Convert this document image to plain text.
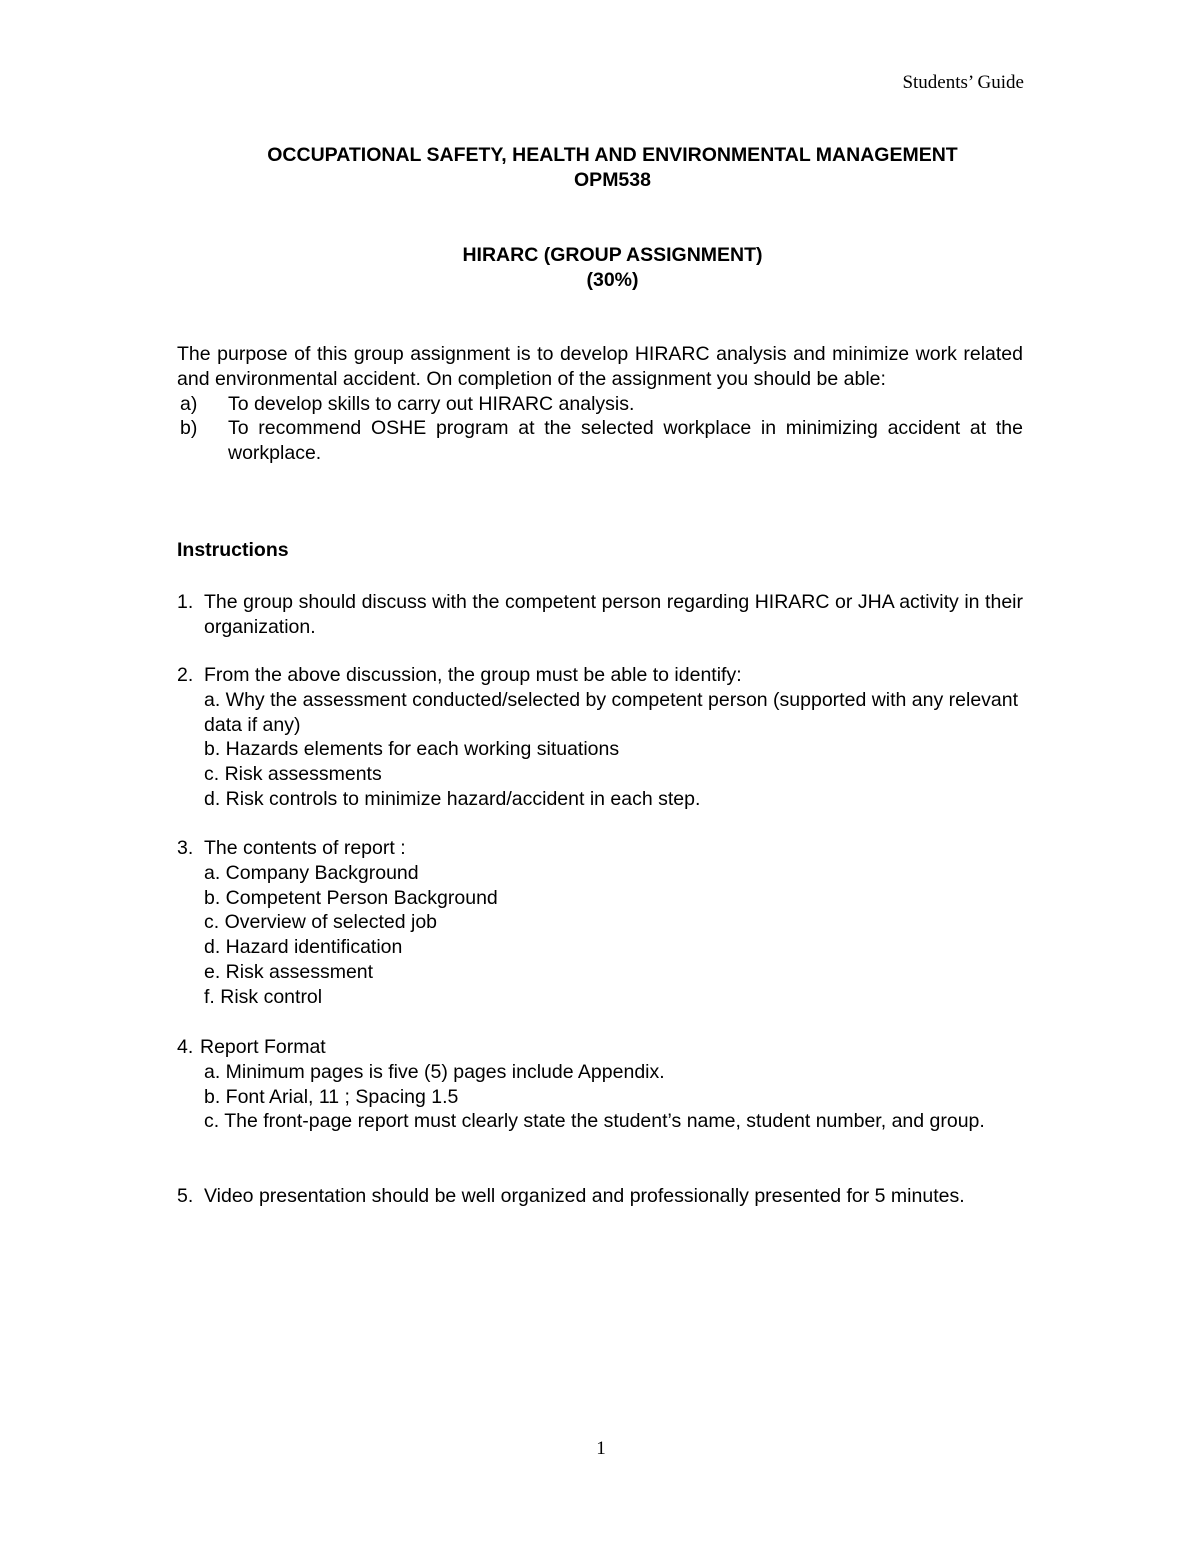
Students’ Guide
OCCUPATIONAL SAFETY, HEALTH AND ENVIRONMENTAL MANAGEMENT
OPM538
HIRARC (GROUP ASSIGNMENT)
(30%)

The purpose of this group assignment is to develop HIRARC analysis and minimize work related and environmental accident. On completion of the assignment you should be able:

a)	To develop skills to carry out HIRARC analysis.
b)	To recommend OSHE program at the selected workplace in minimizing accident at the workplace.
Instructions
1. The group should discuss with the competent person regarding HIRARC or JHA activity in their organization.
2. From the above discussion, the group must be able to identify:
a. Why the assessment conducted/selected by competent person (supported with any relevant data if any)
b. Hazards elements for each working situations
c. Risk assessments
d. Risk controls to minimize hazard/accident in each step.
3. The contents of report :
a. Company Background
b. Competent Person Background
c. Overview of selected job
d. Hazard identification
e. Risk assessment
f. Risk control
4. Report Format
a. Minimum pages is five (5) pages include Appendix.
b. Font Arial, 11 ; Spacing 1.5
c. The front-page report must clearly state the student’s name, student number, and group.
5. Video presentation should be well organized and professionally presented for 5 minutes.
1
